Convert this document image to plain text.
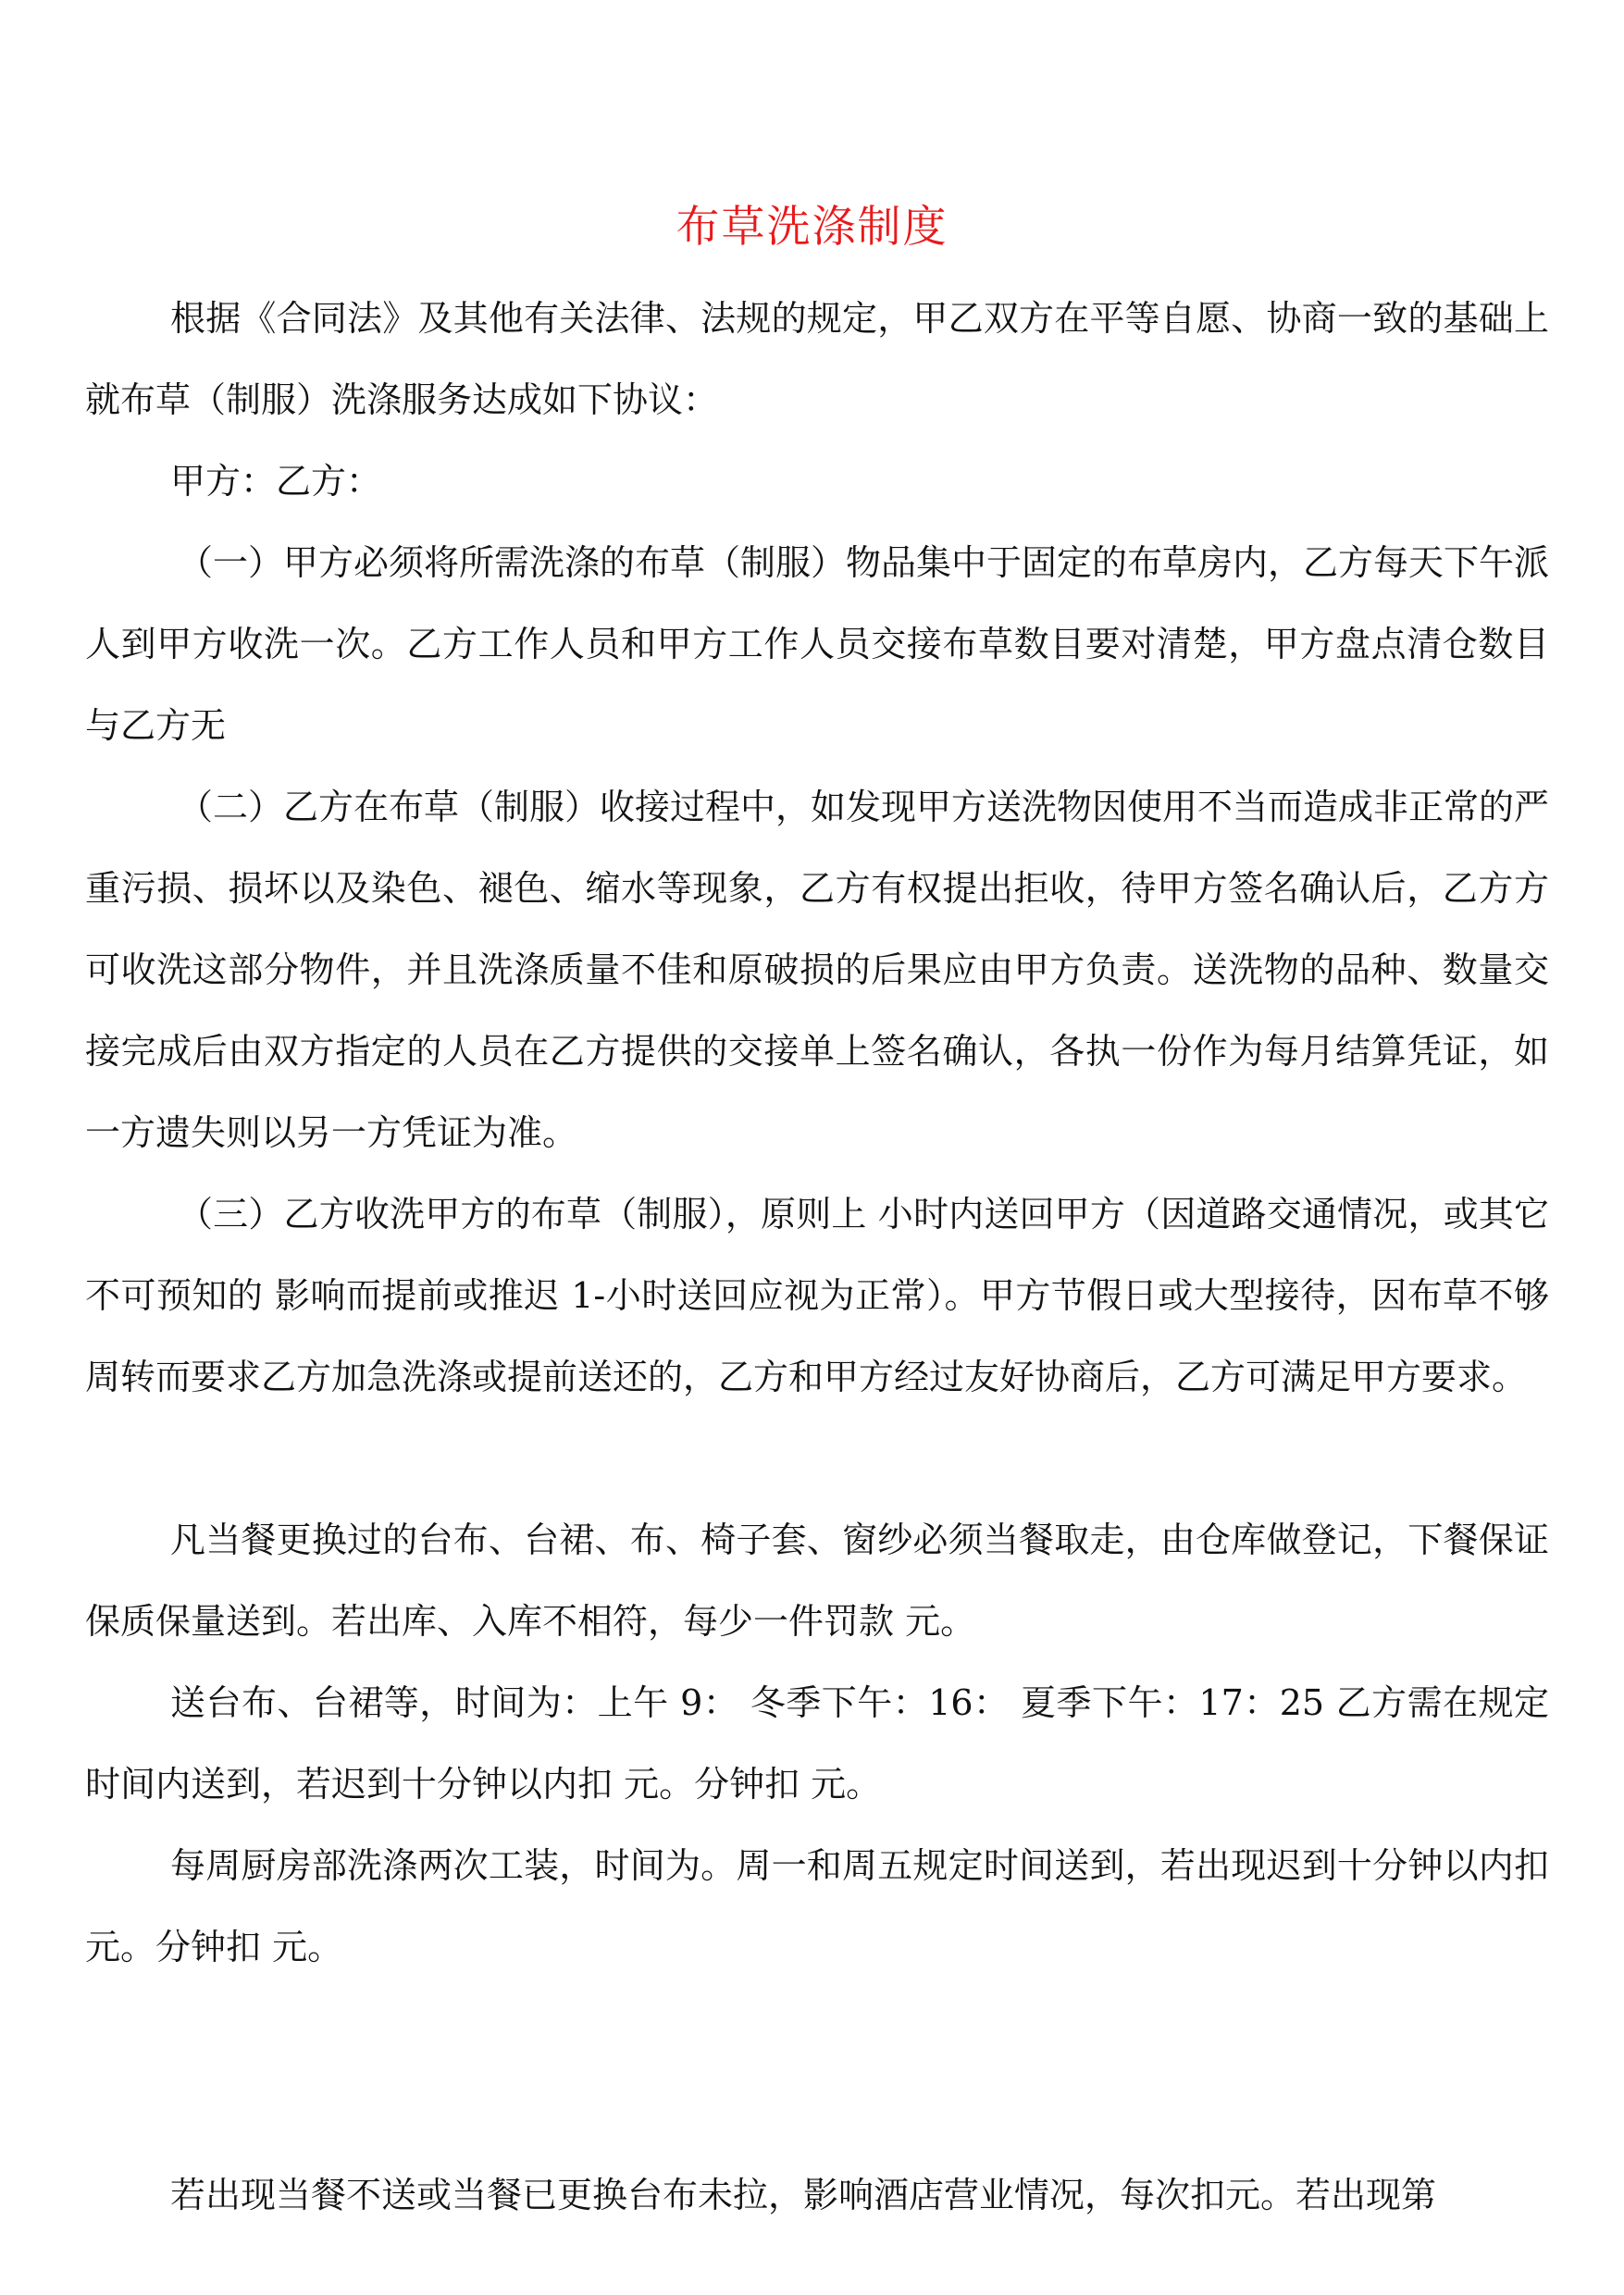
布草洗涤制度

根据《合同法》及其他有关法律、法规的规定，甲乙双方在平等自愿、协商一致的基础上就布草（制服）洗涤服务达成如下协议：

甲方：乙方：

（一）甲方必须将所需洗涤的布草（制服）物品集中于固定的布草房内，乙方每天下午派人到甲方收洗一次。乙方工作人员和甲方工作人员交接布草数目要对清楚，甲方盘点清仓数目与乙方无

（二）乙方在布草（制服）收接过程中，如发现甲方送洗物因使用不当而造成非正常的严重污损、损坏以及染色、褪色、缩水等现象，乙方有权提出拒收，待甲方签名确认后，乙方方可收洗这部分物件，并且洗涤质量不佳和原破损的后果应由甲方负责。送洗物的品种、数量交接完成后由双方指定的人员在乙方提供的交接单上签名确认，各执一份作为每月结算凭证，如一方遗失则以另一方凭证为准。

（三）乙方收洗甲方的布草（制服），原则上 小时内送回甲方（因道路交通情况，或其它不可预知的 影响而提前或推迟 1-小时送回应视为正常）。甲方节假日或大型接待，因布草不够周转而要求乙方加急洗涤或提前送还的，乙方和甲方经过友好协商后，乙方可满足甲方要求。

凡当餐更换过的台布、台裙、布、椅子套、窗纱必须当餐取走，由仓库做登记，下餐保证保质保量送到。若出库、入库不相符，每少一件罚款 元。

送台布、台裙等，时间为：上午 9： 冬季下午：16： 夏季下午：17：25 乙方需在规定时间内送到，若迟到十分钟以内扣 元。分钟扣 元。

每周厨房部洗涤两次工装，时间为。周一和周五规定时间送到，若出现迟到十分钟以内扣 元。分钟扣 元。

若出现当餐不送或当餐已更换台布未拉，影响酒店营业情况，每次扣元。若出现第
